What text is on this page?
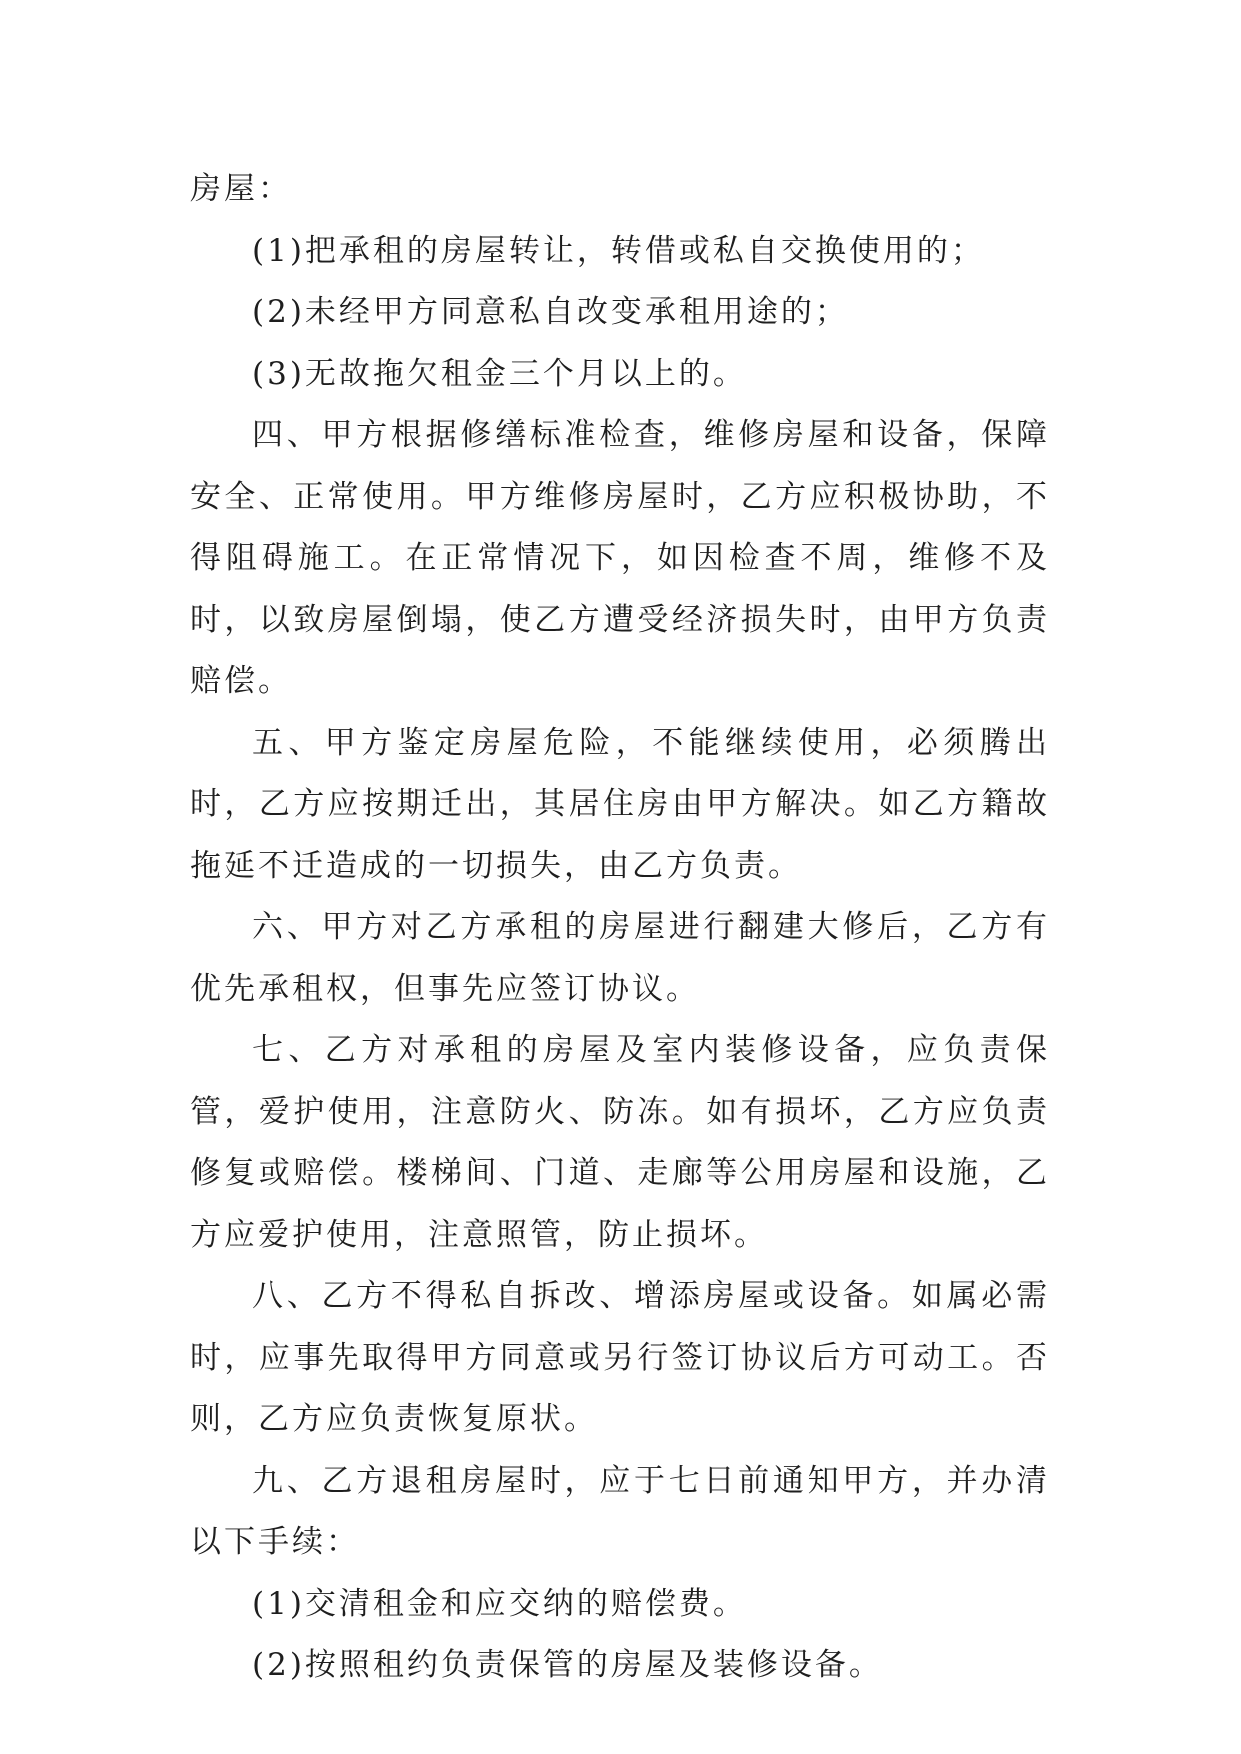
房屋：

(1)把承租的房屋转让，转借或私自交换使用的；

(2)未经甲方同意私自改变承租用途的；

(3)无故拖欠租金三个月以上的。

四、甲方根据修缮标准检查，维修房屋和设备，保障安全、正常使用。甲方维修房屋时，乙方应积极协助，不得阻碍施工。在正常情况下，如因检查不周，维修不及时，以致房屋倒塌，使乙方遭受经济损失时，由甲方负责赔偿。

五、甲方鉴定房屋危险，不能继续使用，必须腾出时，乙方应按期迁出，其居住房由甲方解决。如乙方籍故拖延不迁造成的一切损失，由乙方负责。

六、甲方对乙方承租的房屋进行翻建大修后，乙方有优先承租权，但事先应签订协议。

七、乙方对承租的房屋及室内装修设备，应负责保管，爱护使用，注意防火、防冻。如有损坏，乙方应负责修复或赔偿。楼梯间、门道、走廊等公用房屋和设施，乙方应爱护使用，注意照管，防止损坏。

八、乙方不得私自拆改、增添房屋或设备。如属必需时，应事先取得甲方同意或另行签订协议后方可动工。否则，乙方应负责恢复原状。

九、乙方退租房屋时，应于七日前通知甲方，并办清以下手续：

(1)交清租金和应交纳的赔偿费。

(2)按照租约负责保管的房屋及装修设备。
